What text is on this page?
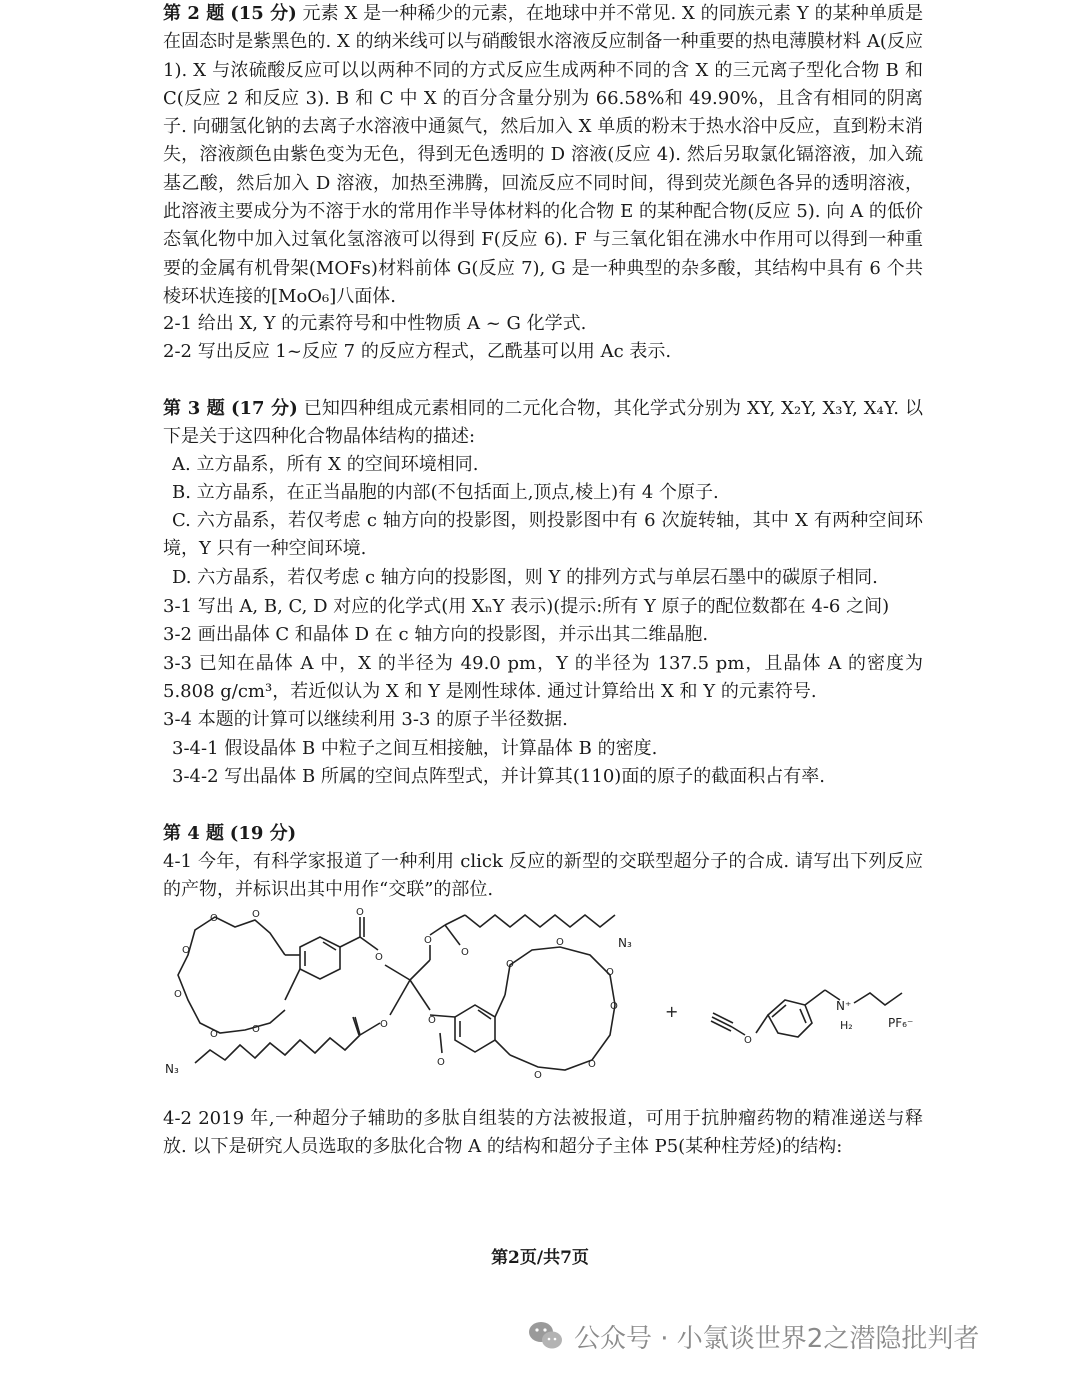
第 2 题 (15 分) 元素 X 是一种稀少的元素，在地球中并不常见. X 的同族元素 Y 的某种单质是在固态时是紫黑色的. X 的纳米线可以与硝酸银水溶液反应制备一种重要的热电薄膜材料 A(反应 1). X 与浓硫酸反应可以以两种不同的方式反应生成两种不同的含 X 的三元离子型化合物 B 和 C(反应 2 和反应 3). B 和 C 中 X 的百分含量分别为 66.58%和 49.90%，且含有相同的阴离子. 向硼氢化钠的去离子水溶液中通氮气，然后加入 X 单质的粉末于热水浴中反应，直到粉末消失，溶液颜色由紫色变为无色，得到无色透明的 D 溶液(反应 4). 然后另取氯化镉溶液，加入巯基乙酸，然后加入 D 溶液，加热至沸腾，回流反应不同时间，得到荧光颜色各异的透明溶液，此溶液主要成分为不溶于水的常用作半导体材料的化合物 E 的某种配合物(反应 5). 向 A 的低价态氧化物中加入过氧化氢溶液可以得到 F(反应 6). F 与三氧化钼在沸水中作用可以得到一种重要的金属有机骨架(MOFs)材料前体 G(反应 7), G 是一种典型的杂多酸，其结构中具有 6 个共棱环状连接的[MoO₆]八面体.

2-1 给出 X, Y 的元素符号和中性物质 A ~ G 化学式.
2-2 写出反应 1~反应 7 的反应方程式，乙酰基可以用 Ac 表示.

第 3 题 (17 分) 已知四种组成元素相同的二元化合物，其化学式分别为 XY, X₂Y, X₃Y, X₄Y. 以下是关于这四种化合物晶体结构的描述:

A. 立方晶系，所有 X 的空间环境相同.
B. 立方晶系，在正当晶胞的内部(不包括面上,顶点,棱上)有 4 个原子.

C. 六方晶系，若仅考虑 c 轴方向的投影图，则投影图中有 6 次旋转轴，其中 X 有两种空间环境，Y 只有一种空间环境.

D. 六方晶系，若仅考虑 c 轴方向的投影图，则 Y 的排列方式与单层石墨中的碳原子相同.
3-1 写出 A, B, C, D 对应的化学式(用 XₙY 表示)(提示:所有 Y 原子的配位数都在 4-6 之间)
3-2 画出晶体 C 和晶体 D 在 c 轴方向的投影图，并示出其二维晶胞.

3-3 已知在晶体 A 中，X 的半径为 49.0 pm，Y 的半径为 137.5 pm，且晶体 A 的密度为 5.808 g/cm³，若近似认为 X 和 Y 是刚性球体. 通过计算给出 X 和 Y 的元素符号.

3-4 本题的计算可以继续利用 3-3 的原子半径数据.
3-4-1 假设晶体 B 中粒子之间互相接触，计算晶体 B 的密度.
3-4-2 写出晶体 B 所属的空间点阵型式，并计算其(110)面的原子的截面积占有率.
第 4 题 (19 分)

4-1 今年，有科学家报道了一种利用 click 反应的新型的交联型超分子的合成. 请写出下列反应的产物，并标识出其中用作“交联”的部位.

O	O
O
O
O	O
O
O
O
O
O	O
N₃
N₃	O
O
O
O
O
O
O
+
O
N⁺
H₂	PF₆⁻

4-2 2019 年,一种超分子辅助的多肽自组装的方法被报道，可用于抗肿瘤药物的精准递送与释放. 以下是研究人员选取的多肽化合物 A 的结构和超分子主体 P5(某种柱芳烃)的结构:

第2页/共7页
公众号 · 小氯谈世界2之潜隐批判者
